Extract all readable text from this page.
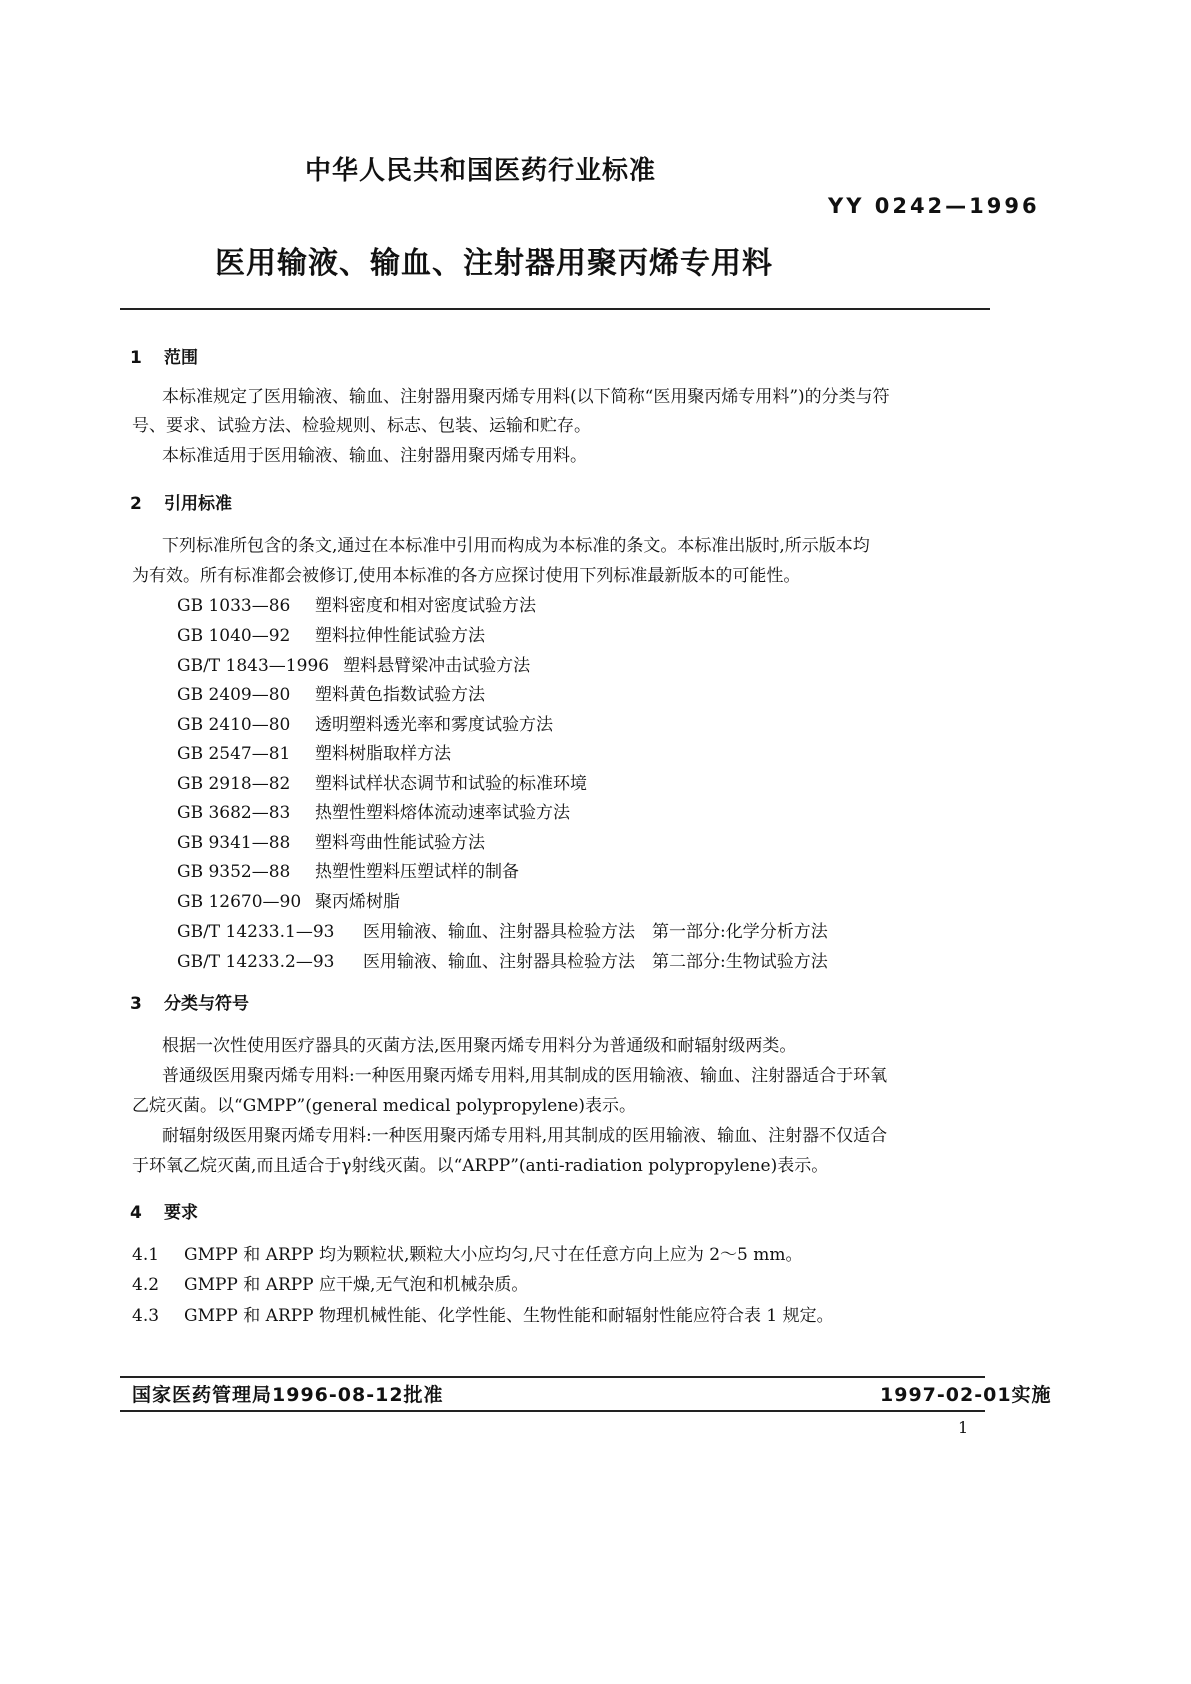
中华人民共和国医药行业标准
YY 0242—1996
医用输液、输血、注射器用聚丙烯专用料
1 范围
本标准规定了医用输液、输血、注射器用聚丙烯专用料(以下简称“医用聚丙烯专用料”)的分类与符
号、要求、试验方法、检验规则、标志、包装、运输和贮存。
本标准适用于医用输液、输血、注射器用聚丙烯专用料。
2 引用标准
下列标准所包含的条文,通过在本标准中引用而构成为本标准的条文。本标准出版时,所示版本均
为有效。所有标准都会被修订,使用本标准的各方应探讨使用下列标准最新版本的可能性。
GB 1033—86 塑料密度和相对密度试验方法
GB 1040—92 塑料拉伸性能试验方法
GB/T 1843—1996 塑料悬臂梁冲击试验方法
GB 2409—80 塑料黄色指数试验方法
GB 2410—80 透明塑料透光率和雾度试验方法
GB 2547—81 塑料树脂取样方法
GB 2918—82 塑料试样状态调节和试验的标准环境
GB 3682—83 热塑性塑料熔体流动速率试验方法
GB 9341—88 塑料弯曲性能试验方法
GB 9352—88 热塑性塑料压塑试样的制备
GB 12670—90 聚丙烯树脂
GB/T 14233.1—93 医用输液、输血、注射器具检验方法　第一部分:化学分析方法
GB/T 14233.2—93 医用输液、输血、注射器具检验方法　第二部分:生物试验方法
3 分类与符号
根据一次性使用医疗器具的灭菌方法,医用聚丙烯专用料分为普通级和耐辐射级两类。
普通级医用聚丙烯专用料:一种医用聚丙烯专用料,用其制成的医用输液、输血、注射器适合于环氧
乙烷灭菌。以“GMPP”(general medical polypropylene)表示。
耐辐射级医用聚丙烯专用料:一种医用聚丙烯专用料,用其制成的医用输液、输血、注射器不仅适合
于环氧乙烷灭菌,而且适合于γ射线灭菌。以“ARPP”(anti-radiation polypropylene)表示。
4 要求
4.1 GMPP 和 ARPP 均为颗粒状,颗粒大小应均匀,尺寸在任意方向上应为 2～5 mm。
4.2 GMPP 和 ARPP 应干燥,无气泡和机械杂质。
4.3 GMPP 和 ARPP 物理机械性能、化学性能、生物性能和耐辐射性能应符合表 1 规定。
国家医药管理局1996-08-12批准	1997-02-01实施
1
